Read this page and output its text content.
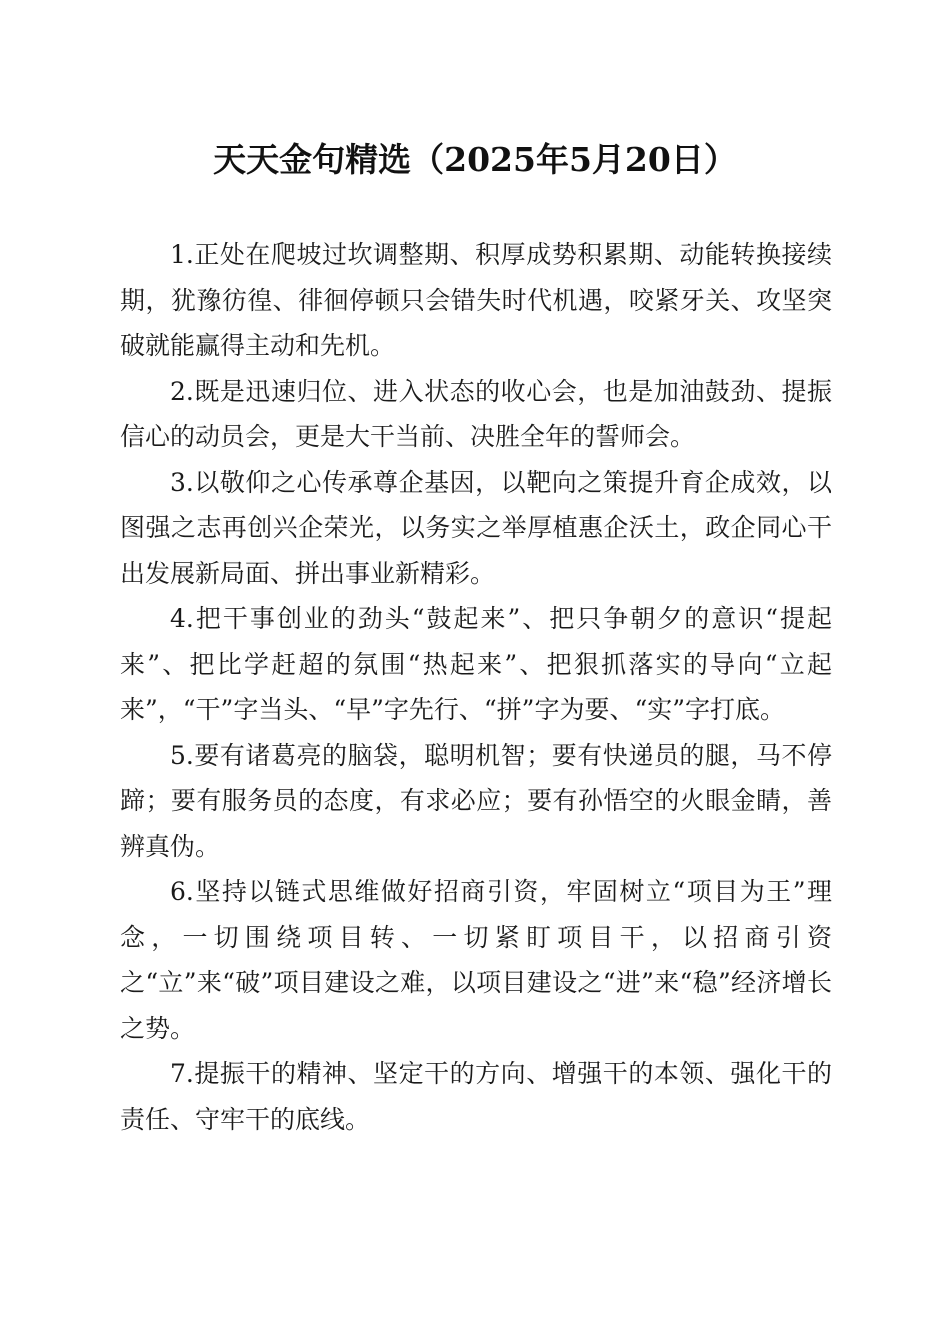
天天金句精选（2025年5月20日）

1.正处在爬坡过坎调整期、积厚成势积累期、动能转换接续期，犹豫彷徨、徘徊停顿只会错失时代机遇，咬紧牙关、攻坚突破就能赢得主动和先机。

2.既是迅速归位、进入状态的收心会，也是加油鼓劲、提振信心的动员会，更是大干当前、决胜全年的誓师会。

3.以敬仰之心传承尊企基因，以靶向之策提升育企成效，以图强之志再创兴企荣光，以务实之举厚植惠企沃土，政企同心干出发展新局面、拼出事业新精彩。

4.把干事创业的劲头“鼓起来”、把只争朝夕的意识“提起来”、把比学赶超的氛围“热起来”、把狠抓落实的导向“立起来”，“干”字当头、“早”字先行、“拼”字为要、“实”字打底。

5.要有诸葛亮的脑袋，聪明机智；要有快递员的腿，马不停蹄；要有服务员的态度，有求必应；要有孙悟空的火眼金睛，善辨真伪。

6.坚持以链式思维做好招商引资，牢固树立“项目为王”理念，一切围绕项目转、一切紧盯项目干，以招商引资之“立”来“破”项目建设之难，以项目建设之“进”来“稳”经济增长之势。

7.提振干的精神、坚定干的方向、增强干的本领、强化干的责任、守牢干的底线。
